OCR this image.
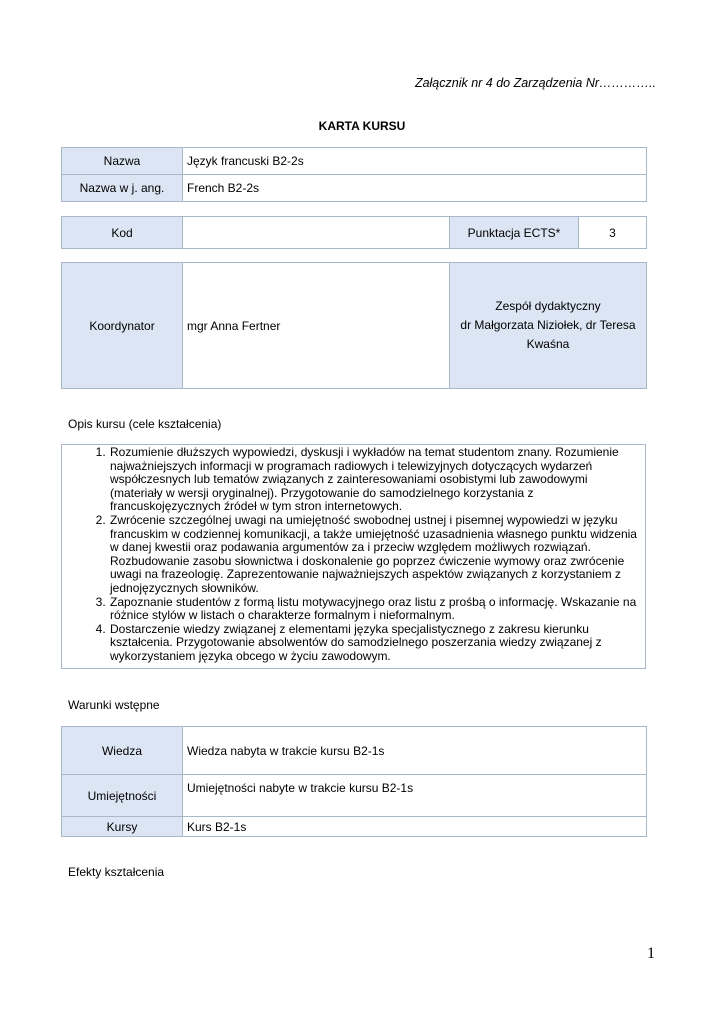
Załącznik nr 4 do Zarządzenia Nr…………..
KARTA KURSU
Nazwa	Język francuski B2-2s
Nazwa w j. ang.	French B2-2s
Kod		Punktacja ECTS*	3
Koordynator	mgr Anna Fertner	
Zespół dydaktyczny
dr Małgorzata Niziołek, dr Teresa Kwaśna
Opis kursu (cele kształcenia)
1. Rozumienie dłuższych wypowiedzi, dyskusji i wykładów na temat studentom znany. Rozumienie najważniejszych informacji w programach radiowych i telewizyjnych dotyczących wydarzeń współczesnych lub tematów związanych z zainteresowaniami osobistymi lub zawodowymi (materiały w wersji oryginalnej). Przygotowanie do samodzielnego korzystania z francuskojęzycznych źródeł w tym stron internetowych.
2. Zwrócenie szczególnej uwagi na umiejętność swobodnej ustnej i pisemnej wypowiedzi w języku francuskim w codziennej komunikacji, a także umiejętność uzasadnienia własnego punktu widzenia w danej kwestii oraz podawania argumentów za i przeciw względem możliwych rozwiązań. Rozbudowanie zasobu słownictwa i doskonalenie go poprzez ćwiczenie wymowy oraz zwrócenie uwagi na frazeologię. Zaprezentowanie najważniejszych aspektów związanych z korzystaniem z jednojęzycznych słowników.
3. Zapoznanie studentów z formą listu motywacyjnego oraz listu z prośbą o informację. Wskazanie na różnice stylów w listach o charakterze formalnym i nieformalnym.
4. Dostarczenie wiedzy związanej z elementami języka specjalistycznego z zakresu kierunku kształcenia. Przygotowanie absolwentów do samodzielnego poszerzania wiedzy związanej z wykorzystaniem języka obcego w życiu zawodowym.
Warunki wstępne
Wiedza	Wiedza nabyta w trakcie kursu B2-1s
Umiejętności	Umiejętności nabyte w trakcie kursu B2-1s
Kursy	Kurs B2-1s
Efekty kształcenia
1
